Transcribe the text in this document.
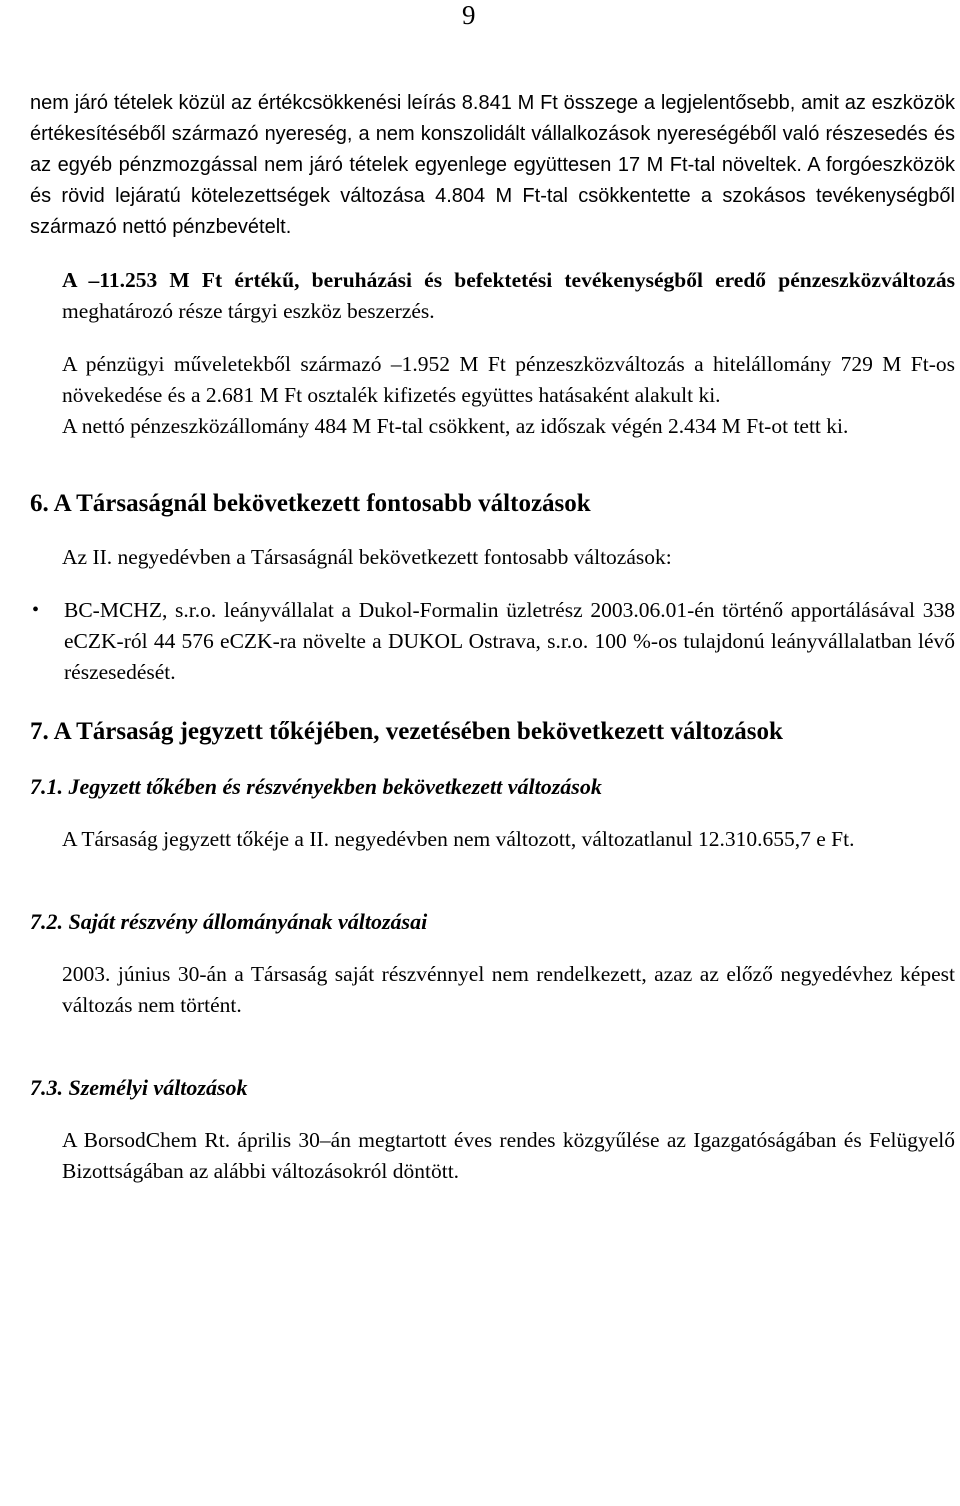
9

nem járó tételek közül az értékcsökkenési leírás 8.841 M Ft összege a legjelentősebb, amit az eszközök értékesítéséből származó nyereség, a nem konszolidált vállalkozások nyereségéből való részesedés és az egyéb pénzmozgással nem járó tételek egyenlege együttesen 17 M Ft-tal növeltek. A forgóeszközök és rövid lejáratú kötelezettségek változása 4.804 M Ft-tal csökkentette a szokásos tevékenységből származó nettó pénzbevételt.

A –11.253 M Ft értékű, beruházási és befektetési tevékenységből eredő pénzeszközváltozás meghatározó része tárgyi eszköz beszerzés.

A pénzügyi műveletekből származó –1.952 M Ft pénzeszközváltozás a hitelállomány 729 M Ft-os növekedése és a 2.681 M Ft osztalék kifizetés együttes hatásaként alakult ki.

A nettó pénzeszközállomány 484 M Ft-tal csökkent, az időszak végén 2.434 M Ft-ot tett ki.

6. A Társaságnál bekövetkezett fontosabb változások

Az II. negyedévben a Társaságnál bekövetkezett fontosabb változások:

•	BC-MCHZ, s.r.o. leányvállalat a Dukol-Formalin üzletrész 2003.06.01-én történő apportálásával 338 eCZK-ról 44 576 eCZK-ra növelte a DUKOL Ostrava, s.r.o. 100 %-os tulajdonú leányvállalatban lévő részesedését.

7. A Társaság jegyzett tőkéjében, vezetésében bekövetkezett változások

7.1. Jegyzett tőkében és részvényekben bekövetkezett változások

A Társaság jegyzett tőkéje a II. negyedévben nem változott, változatlanul 12.310.655,7 e Ft.

7.2. Saját részvény állományának változásai

2003. június 30-án a Társaság saját részvénnyel nem rendelkezett, azaz az előző negyedévhez képest változás nem történt.

7.3. Személyi változások

A BorsodChem Rt. április 30–án megtartott éves rendes közgyűlése az Igazgatóságában és Felügyelő Bizottságában az alábbi változásokról döntött.
